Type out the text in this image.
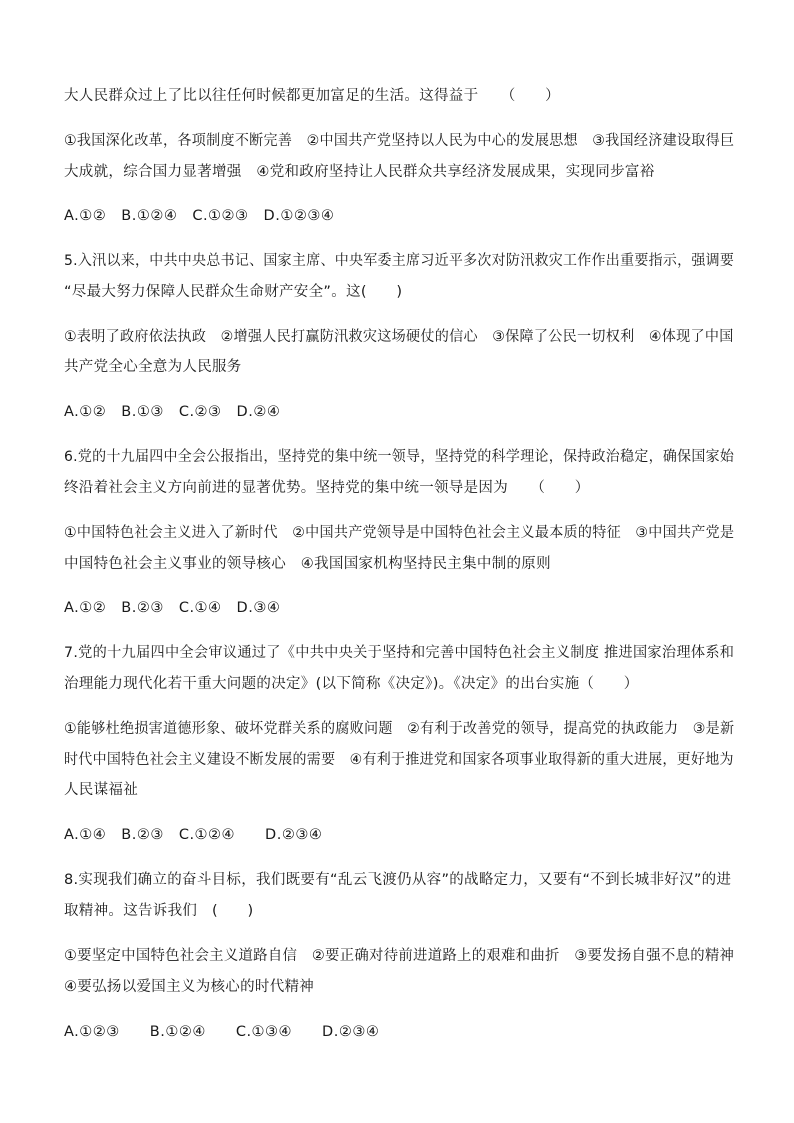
大人民群众过上了比以往任何时候都更加富足的生活。这得益于　　（　　）
①我国深化改革，各项制度不断完善　②中国共产党坚持以人民为中心的发展思想　③我国经济建设取得巨
大成就，综合国力显著增强　④党和政府坚持让人民群众共享经济发展成果，实现同步富裕
A.①②　B.①②④　C.①②③　D.①②③④
5.入汛以来，中共中央总书记、国家主席、中央军委主席习近平多次对防汛救灾工作作出重要指示，强调要
“尽最大努力保障人民群众生命财产安全”。这(　　)
①表明了政府依法执政　②增强人民打赢防汛救灾这场硬仗的信心　③保障了公民一切权利　④体现了中国
共产党全心全意为人民服务
A.①②　B.①③　C.②③　D.②④
6.党的十九届四中全会公报指出，坚持党的集中统一领导，坚持党的科学理论，保持政治稳定，确保国家始
终沿着社会主义方向前进的显著优势。坚持党的集中统一领导是因为　　（　　）
①中国特色社会主义进入了新时代　②中国共产党领导是中国特色社会主义最本质的特征　③中国共产党是
中国特色社会主义事业的领导核心　④我国国家机构坚持民主集中制的原则
A.①②　B.②③　C.①④　D.③④
7.党的十九届四中全会审议通过了《中共中央关于坚持和完善中国特色社会主义制度 推进国家治理体系和
治理能力现代化若干重大问题的决定》(以下简称《决定》)。《决定》的出台实施（　　）
①能够杜绝损害道德形象、破坏党群关系的腐败问题　②有利于改善党的领导，提高党的执政能力　③是新
时代中国特色社会主义建设不断发展的需要　④有利于推进党和国家各项事业取得新的重大进展，更好地为
人民谋福祉
A.①④　B.②③　C.①②④　　D.②③④
8.实现我们确立的奋斗目标，我们既要有“乱云飞渡仍从容”的战略定力，又要有“不到长城非好汉”的进
取精神。这告诉我们　(　　)
①要坚定中国特色社会主义道路自信　②要正确对待前进道路上的艰难和曲折　③要发扬自强不息的精神
④要弘扬以爱国主义为核心的时代精神
A.①②③　　B.①②④　　C.①③④　　D.②③④
